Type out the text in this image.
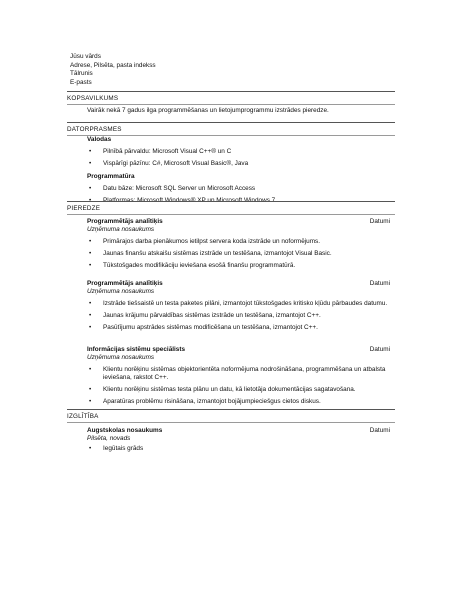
Jūsu vārds
Adrese, Pilsēta, pasta indekss
Tālrunis
E-pasts
KOPSAVILKUMS
Vairāk nekā 7 gadus ilga programmēšanas un lietojumprogrammu izstrādes pieredze.
DATORPRASMES
Valodas
• Pilnībā pārvaldu: Microsoft Visual C++® un C
• Vispārīgi pāzīnu: C#, Microsoft Visual Basic®, Java
Programmatūra
• Datu bāze: Microsoft SQL Server un Microsoft Access
•
PIEREDZE
Programmētājs analītiķis	Datumi
Uzņēmuma nosaukums
• Primārajos darba pienākumos ietilpst servera koda izstrāde un noformējums.
• Jaunas finanšu atskaišu sistēmas izstrāde un testēšana, izmantojot Visual Basic.
• Tūkstošgades modifikāciju ieviešana esošā finanšu programmatūrā.
Programmētājs analītiķis	Datumi
Uzņēmuma nosaukums
• Izstrāde tiešsaistē un testa paketes pilāni, izmantojot tūkstošgades kritisko kļūdu pārbaudes datumu.
• Jaunas krājumu pārvaldības sistēmas izstrāde un testēšana, izmantojot C++.
• Pasūtījumu apstrādes sistēmas modificēšana un testēšana, izmantojot C++.
Informācijas sistēmu speciālists	Datumi
Uzņēmuma nosaukums
• Klientu norēķinu sistēmas objektorientēta noformējuma nodrošināšana, programmēšana un atbalsta ieviešana, rakstot C++.
• Klientu norēķinu sistēmas testa plānu un datu, kā lietotāja dokumentācijas sagatavošana.
• Aparatūras problēmu risināšana, izmantojot bojājumpieciešgus cietos diskus.
IZGLĪTĪBA
Augstskolas nosaukums	Datumi
Pilsēta, novads
• Iegūtais grāds
